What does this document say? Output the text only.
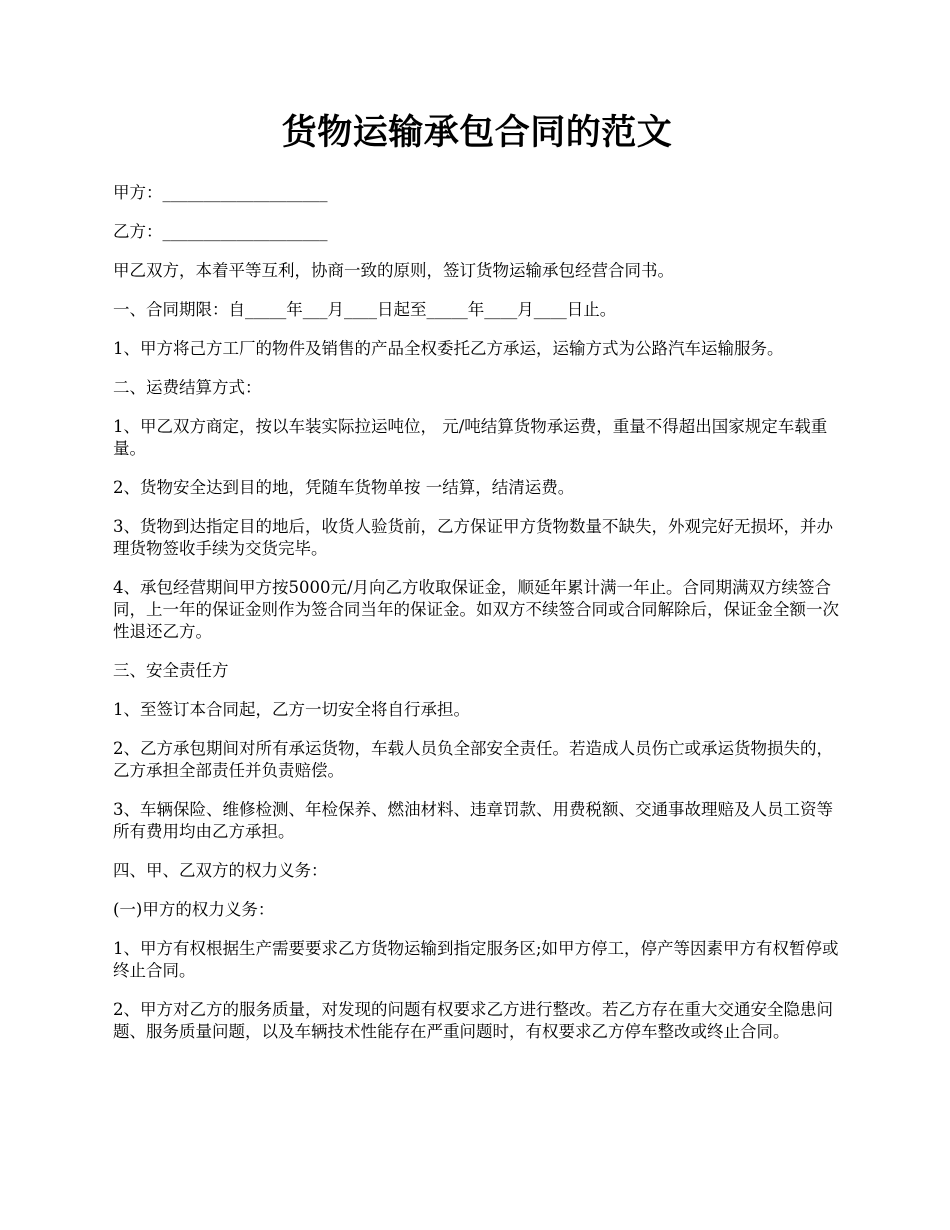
货物运输承包合同的范文

甲方：____________________

乙方：____________________

甲乙双方，本着平等互利，协商一致的原则，签订货物运输承包经营合同书。

一、合同期限：自_____年___月____日起至_____年____月____日止。

1、甲方将己方工厂的物件及销售的产品全权委托乙方承运，运输方式为公路汽车运输服务。

二、运费结算方式：

1、甲乙双方商定，按以车装实际拉运吨位， 元/吨结算货物承运费，重量不得超出国家规定车载重量。

2、货物安全达到目的地，凭随车货物单按 一结算，结清运费。

3、货物到达指定目的地后，收货人验货前，乙方保证甲方货物数量不缺失，外观完好无损坏，并办理货物签收手续为交货完毕。

4、承包经营期间甲方按5000元/月向乙方收取保证金，顺延年累计满一年止。合同期满双方续签合同，上一年的保证金则作为签合同当年的保证金。如双方不续签合同或合同解除后，保证金全额一次性退还乙方。

三、安全责任方

1、至签订本合同起，乙方一切安全将自行承担。

2、乙方承包期间对所有承运货物，车载人员负全部安全责任。若造成人员伤亡或承运货物损失的，乙方承担全部责任并负责赔偿。

3、车辆保险、维修检测、年检保养、燃油材料、违章罚款、用费税额、交通事故理赔及人员工资等所有费用均由乙方承担。

四、甲、乙双方的权力义务：

(一)甲方的权力义务：

1、甲方有权根据生产需要要求乙方货物运输到指定服务区;如甲方停工，停产等因素甲方有权暂停或终止合同。

2、甲方对乙方的服务质量，对发现的问题有权要求乙方进行整改。若乙方存在重大交通安全隐患问题、服务质量问题，以及车辆技术性能存在严重问题时，有权要求乙方停车整改或终止合同。
